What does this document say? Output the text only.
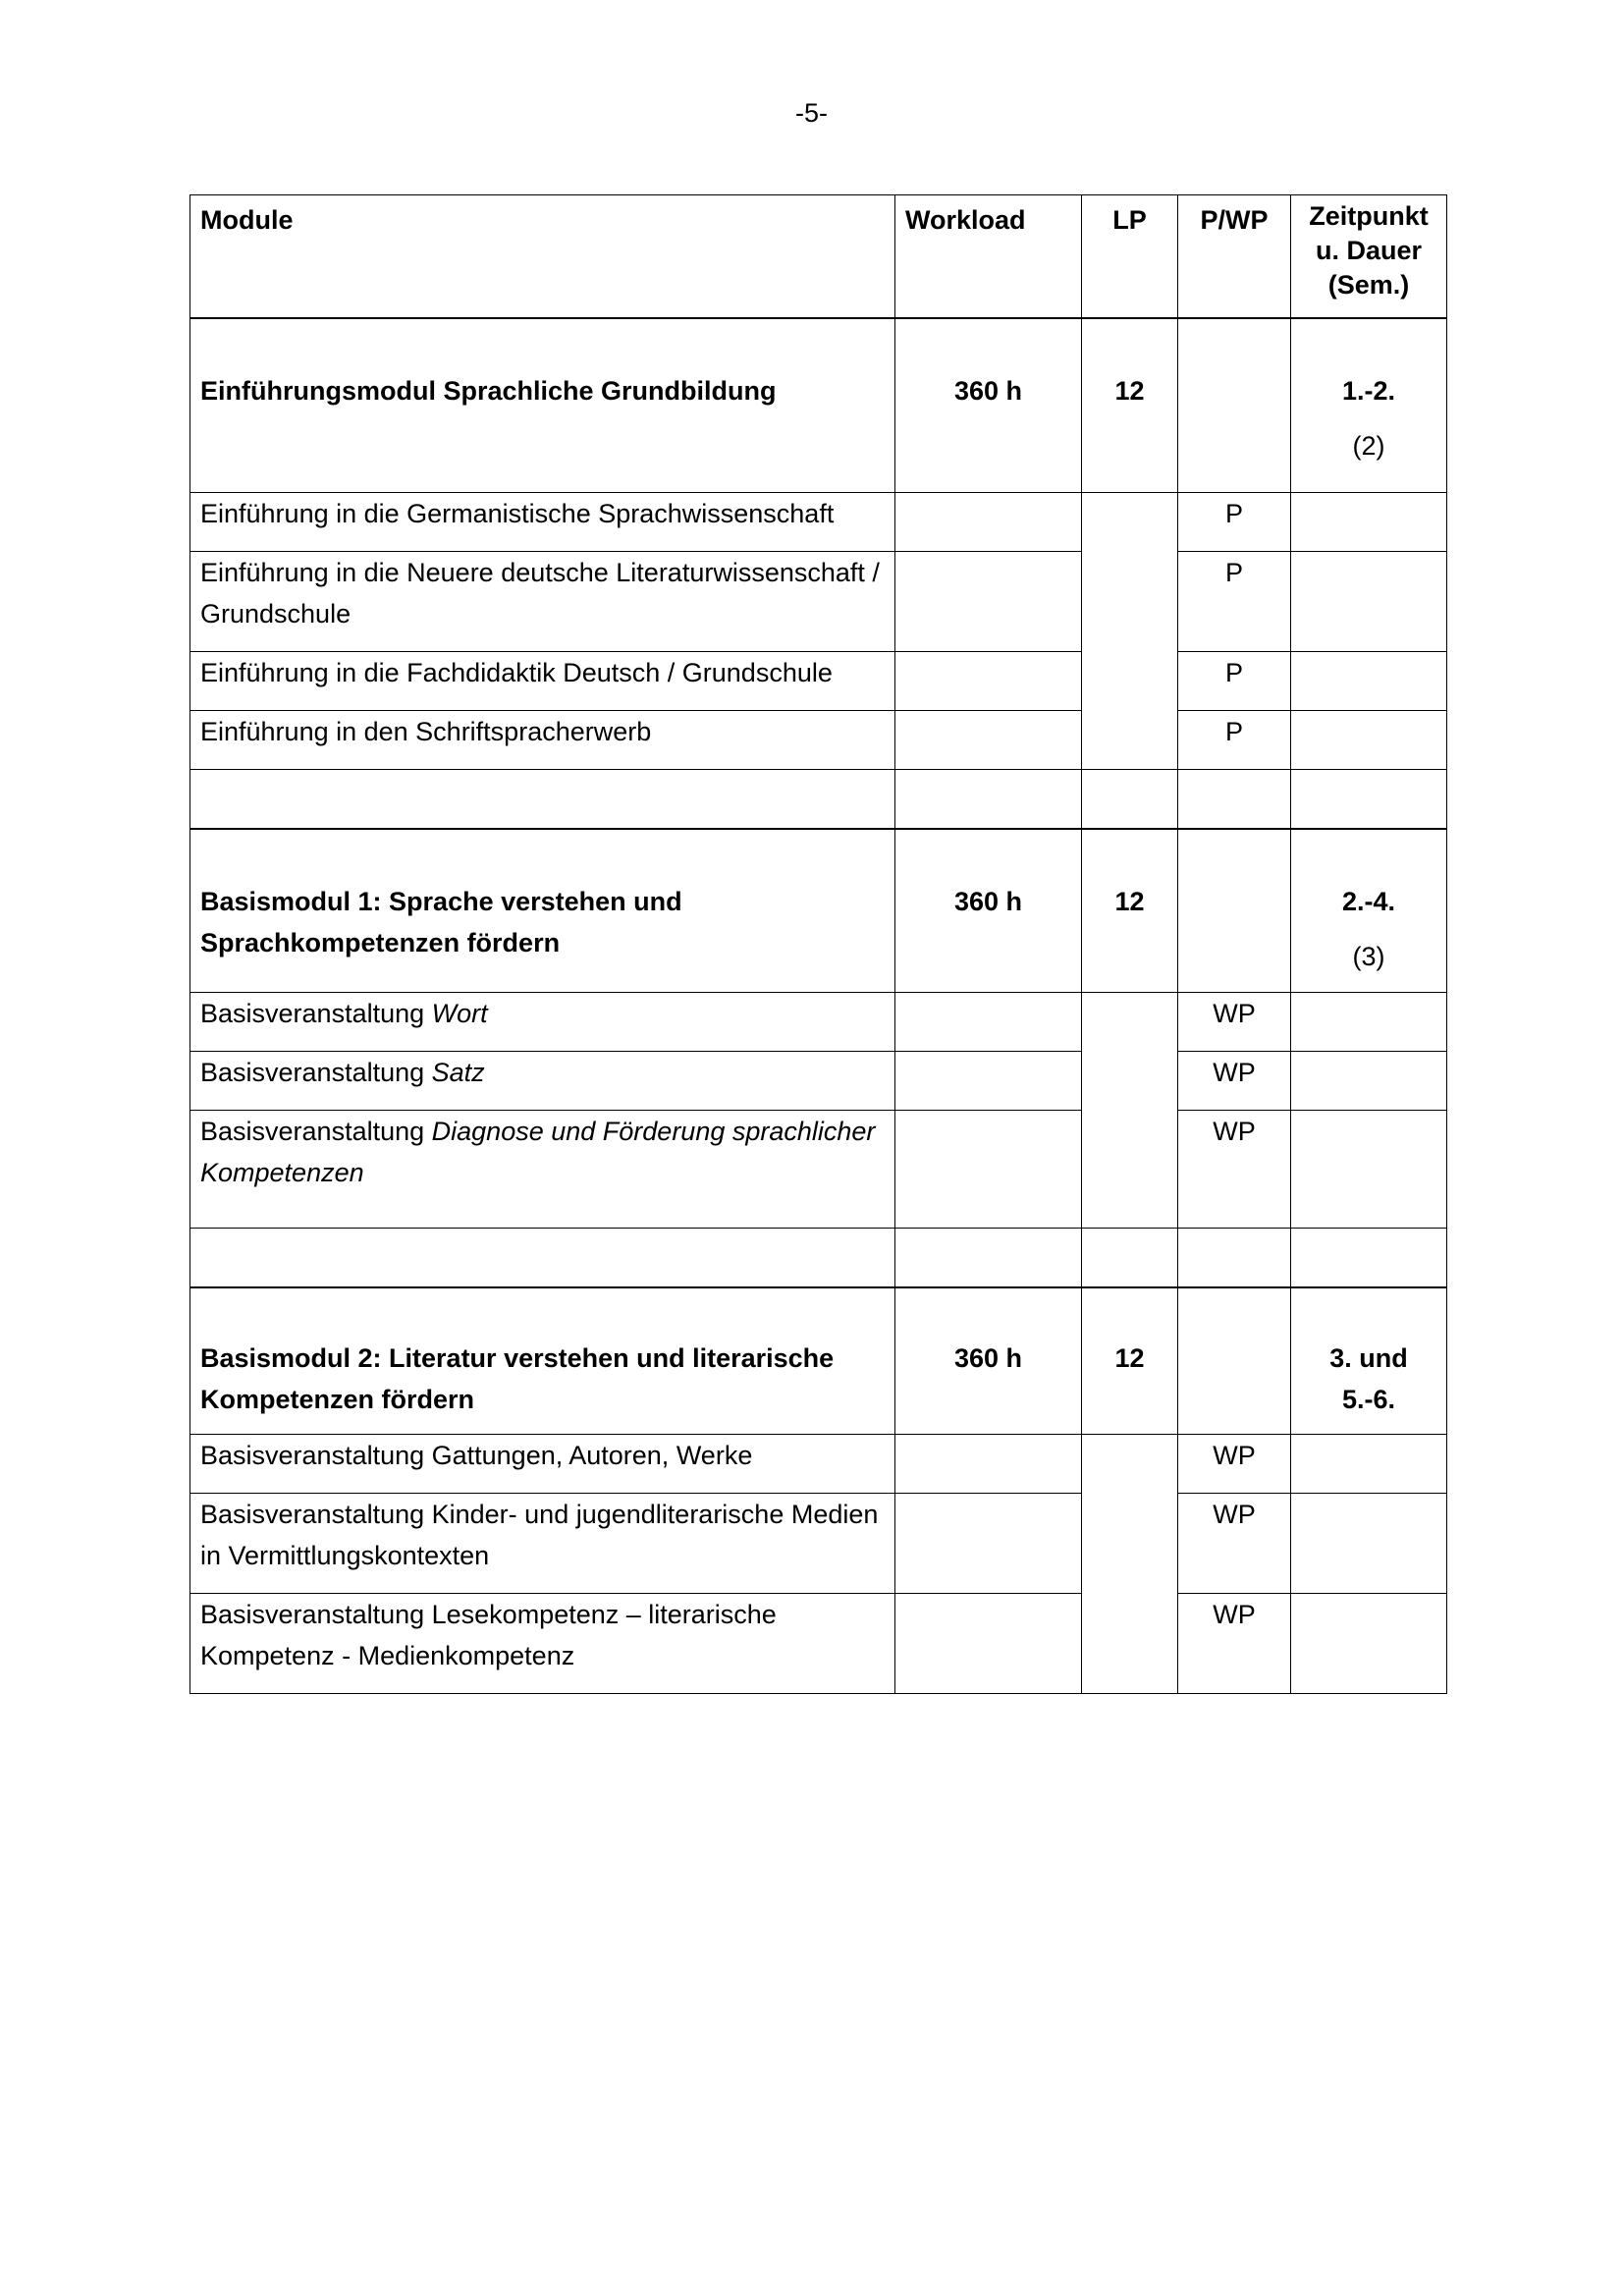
-5-
Module	Workload	LP	P/WP	Zeitpunkt
u. Dauer
(Sem.)
Einführungsmodul Sprachliche Grundbildung	360 h	12		1.-2.
(2)

Einführung in die Germanistische Sprachwissenschaft			P	
Einführung in die Neuere deutsche Literaturwissenschaft / Grundschule			P	
Einführung in die Fachdidaktik Deutsch / Grundschule			P	
Einführung in den Schriftspracherwerb			P	

Basismodul 1: Sprache verstehen und Sprachkompetenzen fördern	360 h	12		2.-4.
(3)

Basisveranstaltung Wort			WP	
Basisveranstaltung Satz			WP	
Basisveranstaltung Diagnose und Förderung sprachlicher Kompetenzen			WP	

Basismodul 2: Literatur verstehen und literarische Kompetenzen fördern	360 h	12		3. und
5.-6.
Basisveranstaltung Gattungen, Autoren, Werke			WP	
Basisveranstaltung Kinder- und jugendliterarische Medien in Vermittlungskontexten			WP	
Basisveranstaltung Lesekompetenz – literarische Kompetenz - Medienkompetenz			WP	
